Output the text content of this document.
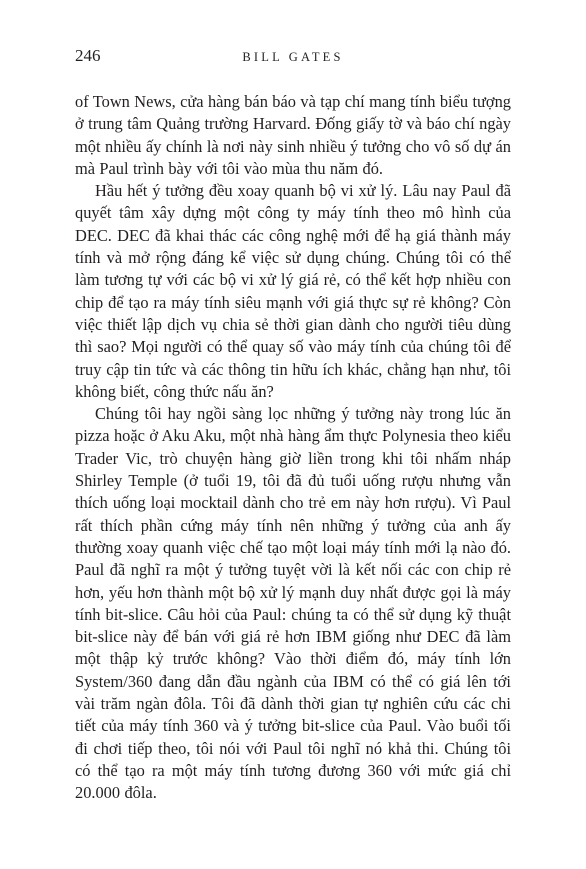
246	BILL GATES

of Town News, cửa hàng bán báo và tạp chí mang tính biểu tượng ở trung tâm Quảng trường Harvard. Đống giấy tờ và báo chí ngày một nhiều ấy chính là nơi này sinh nhiều ý tưởng cho vô số dự án mà Paul trình bày với tôi vào mùa thu năm đó.

Hầu hết ý tưởng đều xoay quanh bộ vi xử lý. Lâu nay Paul đã quyết tâm xây dựng một công ty máy tính theo mô hình của DEC. DEC đã khai thác các công nghệ mới để hạ giá thành máy tính và mở rộng đáng kể việc sử dụng chúng. Chúng tôi có thể làm tương tự với các bộ vi xử lý giá rẻ, có thể kết hợp nhiều con chip để tạo ra máy tính siêu mạnh với giá thực sự rẻ không? Còn việc thiết lập dịch vụ chia sẻ thời gian dành cho người tiêu dùng thì sao? Mọi người có thể quay số vào máy tính của chúng tôi để truy cập tin tức và các thông tin hữu ích khác, chẳng hạn như, tôi không biết, công thức nấu ăn?

Chúng tôi hay ngồi sàng lọc những ý tưởng này trong lúc ăn pizza hoặc ở Aku Aku, một nhà hàng ẩm thực Polynesia theo kiểu Trader Vic, trò chuyện hàng giờ liền trong khi tôi nhấm nháp Shirley Temple (ở tuổi 19, tôi đã đủ tuổi uống rượu nhưng vẫn thích uống loại mocktail dành cho trẻ em này hơn rượu). Vì Paul rất thích phần cứng máy tính nên những ý tưởng của anh ấy thường xoay quanh việc chế tạo một loại máy tính mới lạ nào đó. Paul đã nghĩ ra một ý tưởng tuyệt vời là kết nối các con chip rẻ hơn, yếu hơn thành một bộ xử lý mạnh duy nhất được gọi là máy tính bit-slice. Câu hỏi của Paul: chúng ta có thể sử dụng kỹ thuật bit-slice này để bán với giá rẻ hơn IBM giống như DEC đã làm một thập kỷ trước không? Vào thời điểm đó, máy tính lớn System/360 đang dẫn đầu ngành của IBM có thể có giá lên tới vài trăm ngàn đôla. Tôi đã dành thời gian tự nghiên cứu các chi tiết của máy tính 360 và ý tưởng bit-slice của Paul. Vào buổi tối đi chơi tiếp theo, tôi nói với Paul tôi nghĩ nó khả thi. Chúng tôi có thể tạo ra một máy tính tương đương 360 với mức giá chỉ 20.000 đôla.
